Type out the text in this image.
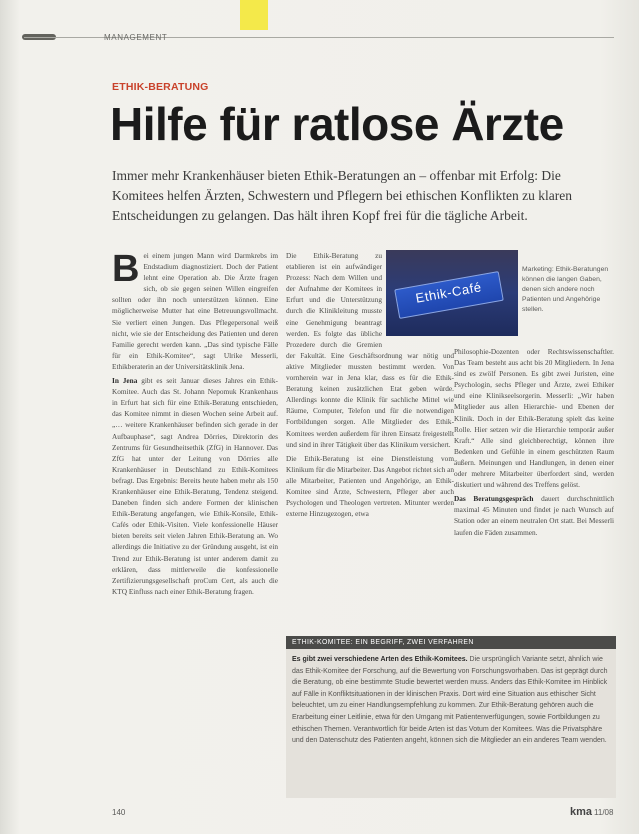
MANAGEMENT
ETHIK-BERATUNG
Hilfe für ratlose Ärzte
Immer mehr Krankenhäuser bieten Ethik-Beratungen an – offenbar mit Erfolg: Die Komitees helfen Ärzten, Schwestern und Pflegern bei ethischen Konflikten zu klaren Entscheidungen zu gelangen. Das hält ihren Kopf frei für die tägliche Arbeit.

Bei einem jungen Mann wird Darmkrebs im Endstadium diagnostiziert. Doch der Patient lehnt eine Operation ab. Die Ärzte fragen sich, ob sie gegen seinen Willen eingreifen sollten oder ihn noch unterstützen können. Eine möglicherweise Mutter hat eine Betreuungsvollmacht. Sie verliert einen Jungen. Das Pflegepersonal weiß nicht, wie sie der Entscheidung des Patienten und deren Familie gerecht werden kann. „Das sind typische Fälle für ein Ethik-Komitee“, sagt Ulrike Messerli, Ethikberaterin an der Universitätsklinik Jena.

In Jena gibt es seit Januar dieses Jahres ein Ethik-Komitee. Auch das St. Johann Nepomuk Krankenhaus in Erfurt hat sich für eine Ethik-Beratung entschieden, das Komitee nimmt in diesen Wochen seine Arbeit auf. „… weitere Krankenhäuser befinden sich gerade in der Aufbauphase“, sagt Andrea Dörries, Direktorin des Zentrums für Gesundheitsethik (ZfG) in Hannover. Das ZfG hat unter der Leitung von Dörries alle Krankenhäuser in Deutschland zu Ethik-Komitees befragt. Das Ergebnis: Bereits heute haben mehr als 150 Krankenhäuser eine Ethik-Beratung, Tendenz steigend. Daneben finden sich andere Formen der klinischen Ethik-Beratung angefangen, wie Ethik-Konsile, Ethik-Cafés oder Ethik-Visiten. Viele konfessionelle Häuser bieten bereits seit vielen Jahren Ethik-Beratung an. Wo allerdings die Initiative zu der Gründung ausgeht, ist ein Trend zur Ethik-Beratung ist unter anderem damit zu erklären, dass mittlerweile die konfessionelle Zertifizierungsgesellschaft proCum Cert, als auch die KTQ Einfluss nach einer Ethik-Beratung fragen.

Die Ethik-Beratung zu etablieren ist ein aufwändiger Prozess: Nach dem Willen und der Aufnahme der Komitees in Erfurt und die Unterstützung durch die Klinikleitung musste eine Genehmigung beantragt werden. Es folgte das übliche Prozedere durch die Gremien der Fakultät. Eine Geschäftsordnung war nötig und aktive Mitglieder mussten bestimmt werden. Von vornherein war in Jena klar, dass es für die Ethik-Beratung keinen zusätzlichen Etat geben würde. Allerdings konnte die Klinik für sachliche Mittel wie Räume, Computer, Telefon und für die notwendigen Fortbildungen sorgen. Alle Mitglieder des Ethik-Komitees werden außerdem für ihren Einsatz freigestellt und sind in ihrer Tätigkeit über das Klinikum versichert.

Die Ethik-Beratung ist eine Dienstleistung vom Klinikum für die Mitarbeiter. Das Angebot richtet sich an alle Mitarbeiter, Patienten und Angehörige, an Ethik-Komitee sind Ärzte, Schwestern, Pfleger aber auch Psychologen und Theologen vertreten. Mitunter werden externe Hinzugezogen, etwa

Ethik-Café
Marketing: Ethik-Beratungen können die langen Gaben, denen sich andere noch Patienten und Angehörige stellen.

Philosophie-Dozenten oder Rechtswissenschaftler. Das Team besteht aus acht bis 20 Mitgliedern. In Jena sind es zwölf Personen. Es gibt zwei Juristen, eine Psychologin, sechs Pfleger und Ärzte, zwei Ethiker und eine Klinikseelsorgerin. Messerli: „Wir haben Mitglieder aus allen Hierarchie- und Ebenen der Klinik. Doch in der Ethik-Beratung spielt das keine Rolle. Hier setzen wir die Hierarchie temporär außer Kraft.“ Alle sind gleichberechtigt, können ihre Bedenken und Gefühle in einem geschützten Raum äußern. Meinungen und Handlungen, in denen einer oder mehrere Mitarbeiter überfordert sind, werden diskutiert und während des Treffens gelöst.

Das Beratungsgespräch dauert durchschnittlich maximal 45 Minuten und findet je nach Wunsch auf Station oder an einem neutralen Ort statt. Bei Messerli laufen die Fäden zusammen.

ETHIK-KOMITEE: EIN BEGRIFF, ZWEI VERFAHREN
Es gibt zwei verschiedene Arten des Ethik-Komitees. Die ursprünglich Variante setzt, ähnlich wie das Ethik-Komitee der Forschung, auf die Bewertung von Forschungsvorhaben. Das ist geprägt durch die Beratung, ob eine bestimmte Studie bewertet werden muss. Anders das Ethik-Komitee im Hinblick auf Fälle in Konfliktsituationen in der klinischen Praxis. Dort wird eine Situation aus ethischer Sicht beleuchtet, um zu einer Handlungsempfehlung zu kommen. Zur Ethik-Beratung gehören auch die Erarbeitung einer Leitlinie, etwa für den Umgang mit Patientenverfügungen, sowie Fortbildungen zu ethischen Themen. Verantwortlich für beide Arten ist das Votum der Komitees. Was die Privatsphäre und den Datenschutz des Patienten angeht, können sich die Mitglieder an ein anderes Team wenden.
140	kma 11/08
